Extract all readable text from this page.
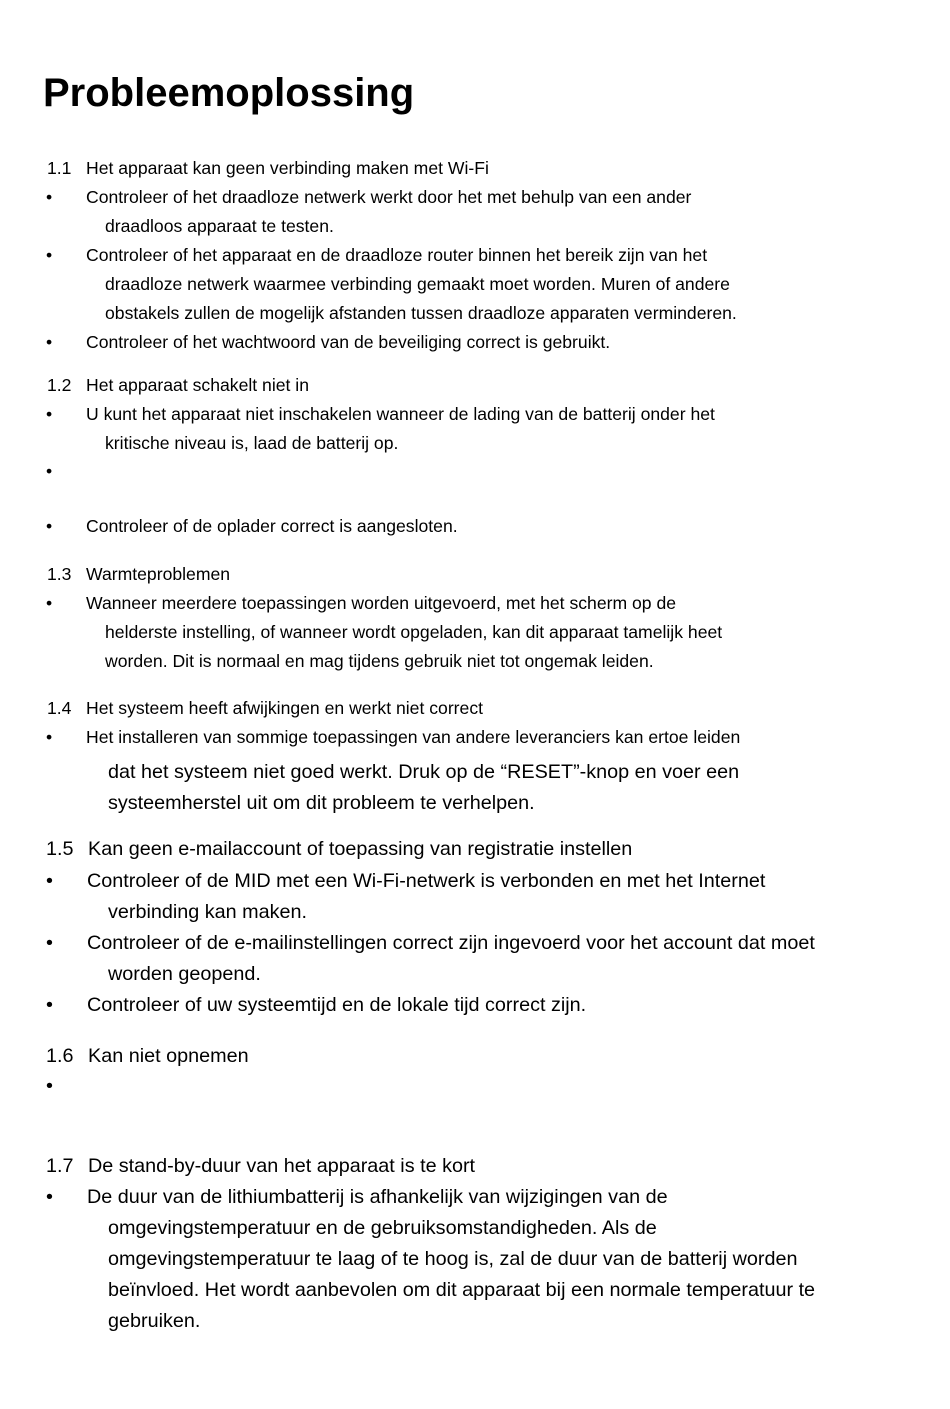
Probleemoplossing
1.1 Het apparaat kan geen verbinding maken met Wi-Fi
• Controleer of het draadloze netwerk werkt door het met behulp van een ander
draadloos apparaat te testen.
• Controleer of het apparaat en de draadloze router binnen het bereik zijn van het
draadloze netwerk waarmee verbinding gemaakt moet worden. Muren of andere
obstakels zullen de mogelijk afstanden tussen draadloze apparaten verminderen.
• Controleer of het wachtwoord van de beveiliging correct is gebruikt.
1.2 Het apparaat schakelt niet in
• U kunt het apparaat niet inschakelen wanneer de lading van de batterij onder het
kritische niveau is, laad de batterij op.
•
• Controleer of de oplader correct is aangesloten.
1.3 Warmteproblemen
• Wanneer meerdere toepassingen worden uitgevoerd, met het scherm op de
helderste instelling, of wanneer wordt opgeladen, kan dit apparaat tamelijk heet
worden. Dit is normaal en mag tijdens gebruik niet tot ongemak leiden.
1.4 Het systeem heeft afwijkingen en werkt niet correct
• Het installeren van sommige toepassingen van andere leveranciers kan ertoe leiden
dat het systeem niet goed werkt. Druk op de “RESET”-knop en voer een
systeemherstel uit om dit probleem te verhelpen.
1.5 Kan geen e-mailaccount of toepassing van registratie instellen
• Controleer of de MID met een Wi-Fi-netwerk is verbonden en met het Internet
verbinding kan maken.
• Controleer of de e-mailinstellingen correct zijn ingevoerd voor het account dat moet
worden geopend.
• Controleer of uw systeemtijd en de lokale tijd correct zijn.
1.6 Kan niet opnemen
•
1.7 De stand-by-duur van het apparaat is te kort
• De duur van de lithiumbatterij is afhankelijk van wijzigingen van de
omgevingstemperatuur en de gebruiksomstandigheden. Als de
omgevingstemperatuur te laag of te hoog is, zal de duur van de batterij worden
beïnvloed. Het wordt aanbevolen om dit apparaat bij een normale temperatuur te
gebruiken.
